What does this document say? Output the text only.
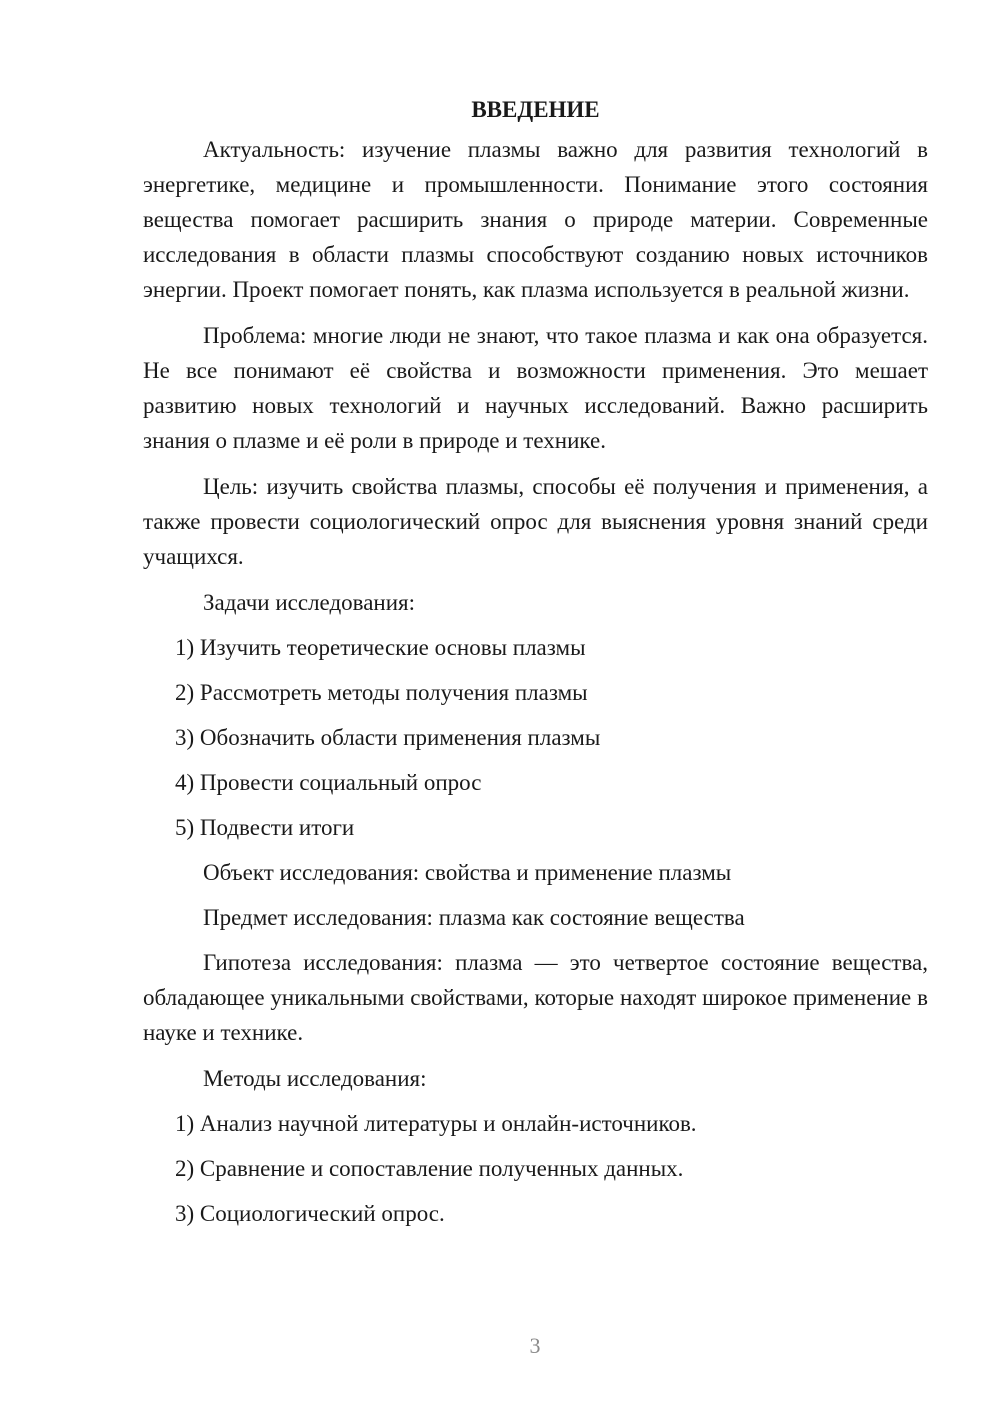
ВВЕДЕНИЕ

Актуальность: изучение плазмы важно для развития технологий в энергетике, медицине и промышленности. Понимание этого состояния вещества помогает расширить знания о природе материи. Современные исследования в области плазмы способствуют созданию новых источников энергии. Проект помогает понять, как плазма используется в реальной жизни.

Проблема: многие люди не знают, что такое плазма и как она образуется. Не все понимают её свойства и возможности применения. Это мешает развитию новых технологий и научных исследований. Важно расширить знания о плазме и её роли в природе и технике.

Цель: изучить свойства плазмы, способы её получения и применения, а также провести социологический опрос для выяснения уровня знаний среди учащихся.

Задачи исследования:
1) Изучить теоретические основы плазмы
2) Рассмотреть методы получения плазмы
3) Обозначить области применения плазмы
4) Провести социальный опрос
5) Подвести итоги
Объект исследования: свойства и применение плазмы
Предмет исследования: плазма как состояние вещества

Гипотеза исследования: плазма — это четвертое состояние вещества, обладающее уникальными свойствами, которые находят широкое применение в науке и технике.

Методы исследования:
1) Анализ научной литературы и онлайн-источников.
2) Сравнение и сопоставление полученных данных.
3) Социологический опрос.
3
